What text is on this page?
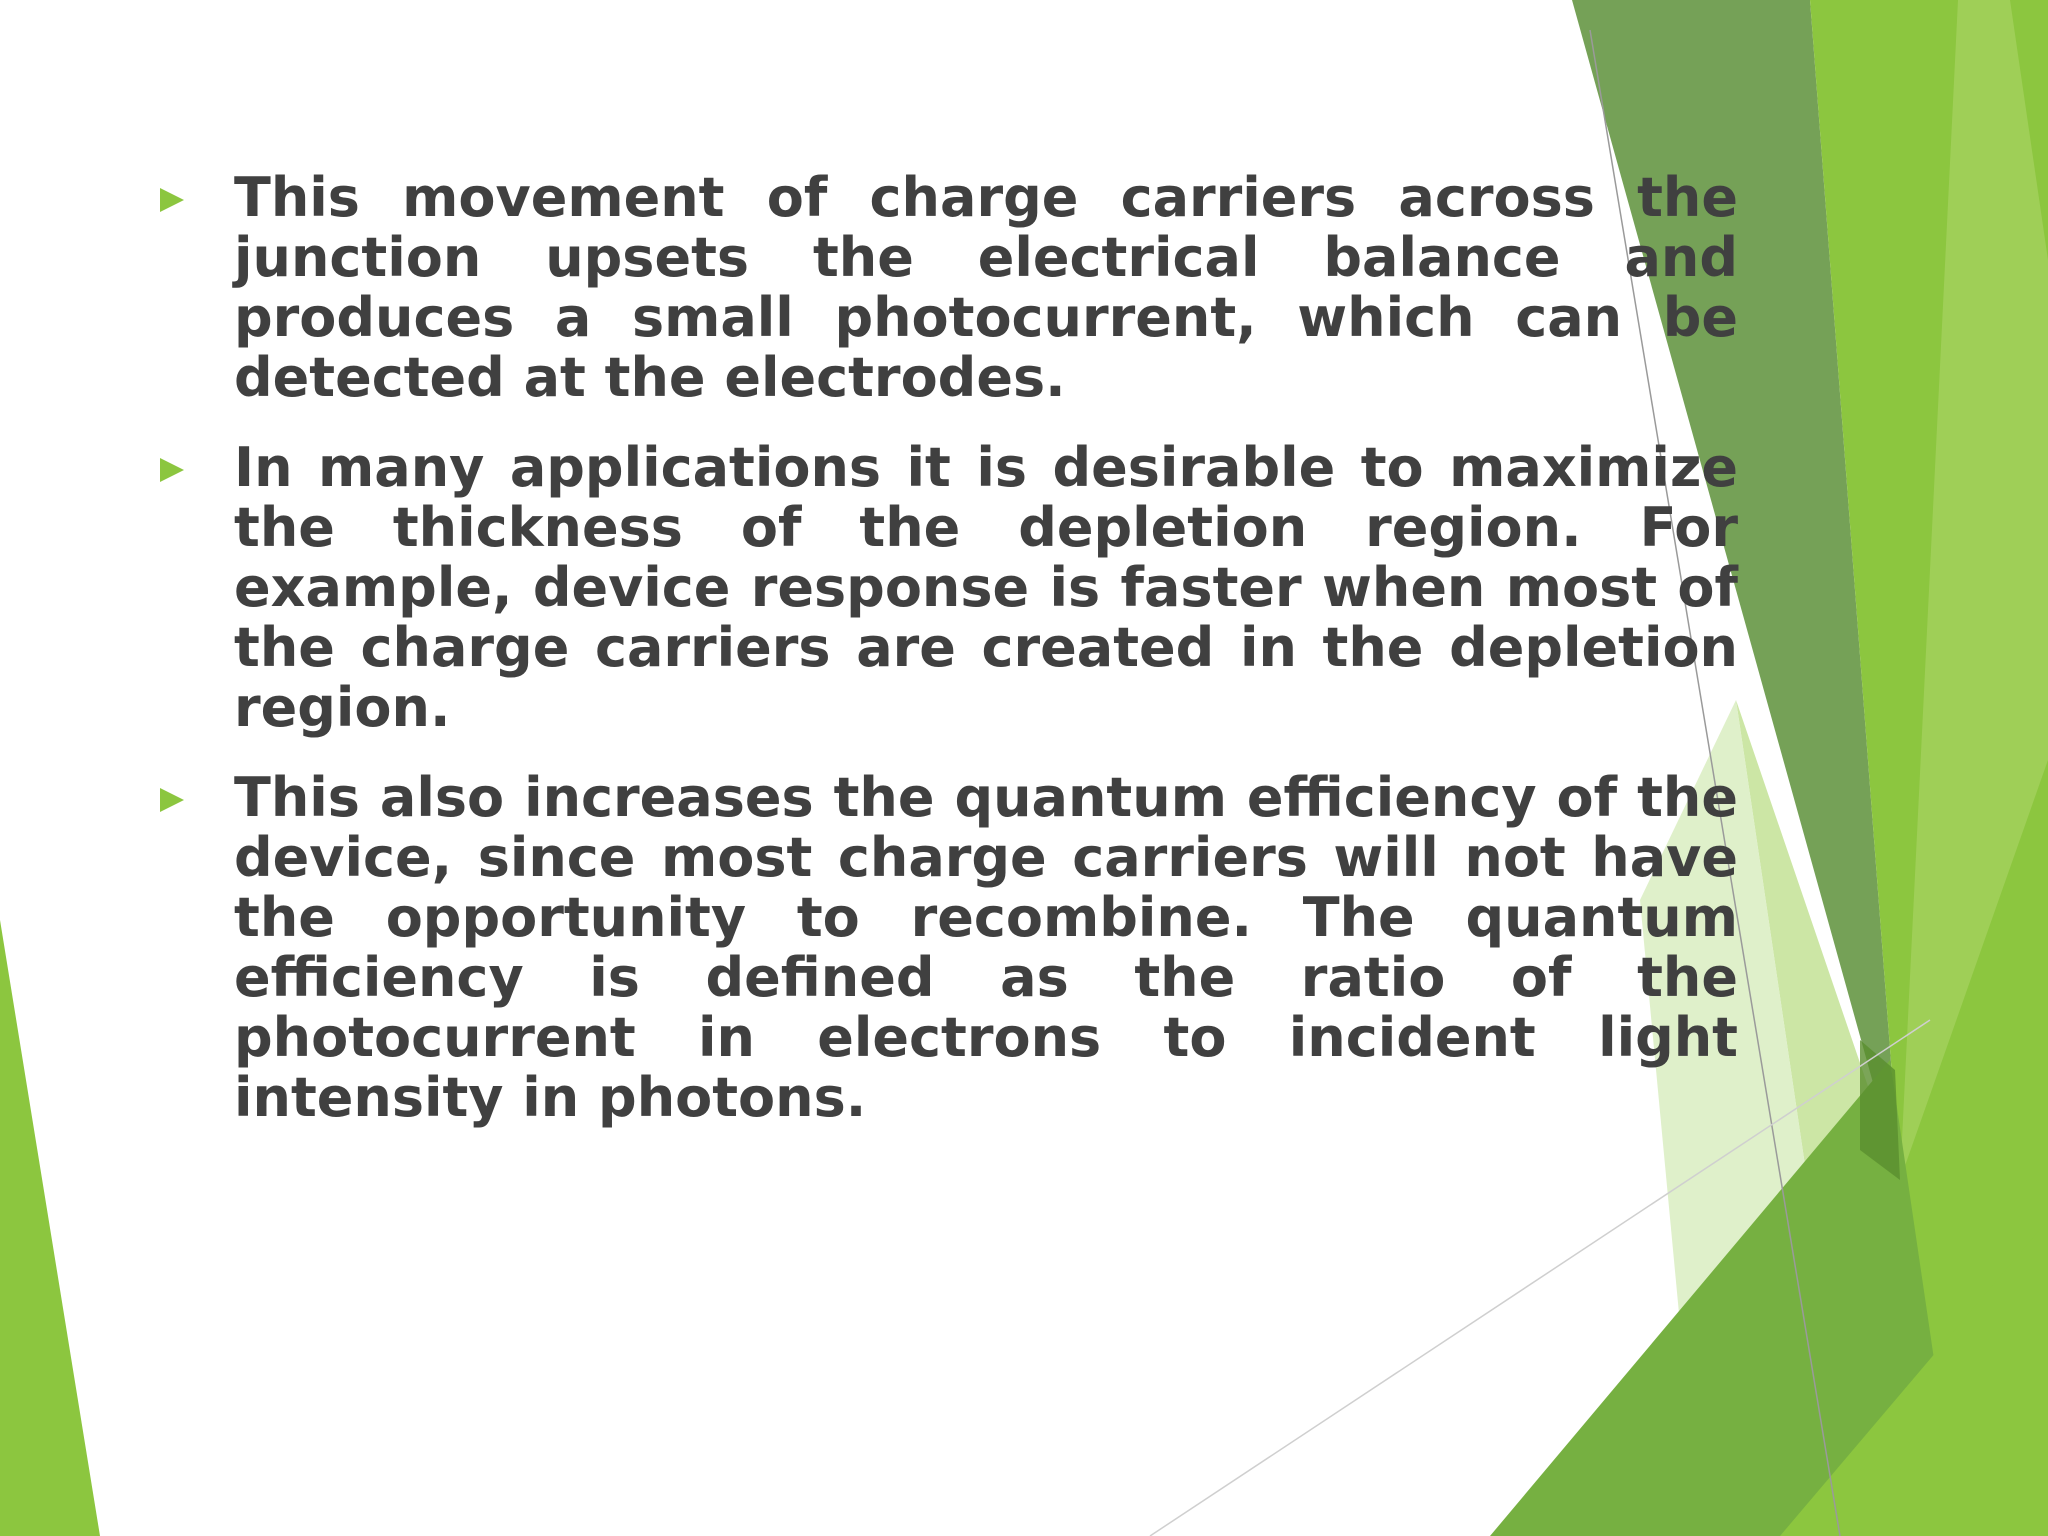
This movement of charge carriers across the junction upsets the electrical balance and produces a small photocurrent, which can be detected at the electrodes.

In many applications it is desirable to maximize the thickness of the depletion region. For example, device response is faster when most of the charge carriers are created in the depletion region.

This also increases the quantum efficiency of the device, since most charge carriers will not have the opportunity to recombine. The quantum efficiency is defined as the ratio of the photocurrent in electrons to incident light intensity in photons.
